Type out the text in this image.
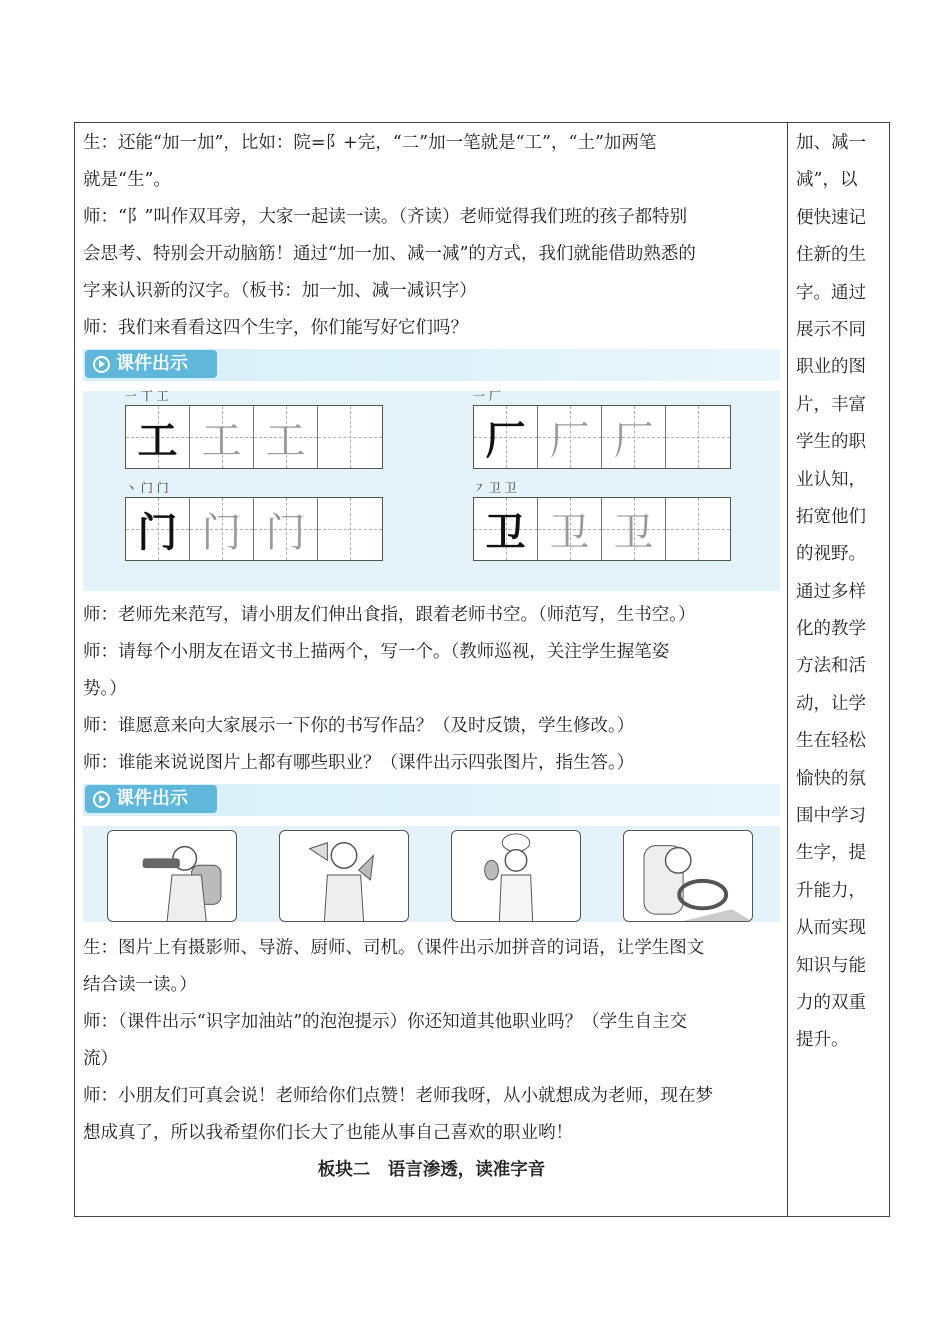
生：还能“加一加”，比如：院=阝+完，“二”加一笔就是“工”，“土”加两笔
就是“生”。
师：“阝”叫作双耳旁，大家一起读一读。（齐读）老师觉得我们班的孩子都特别
会思考、特别会开动脑筋！通过“加一加、减一减”的方式，我们就能借助熟悉的
字来认识新的汉字。（板书：加一加、减一减识字）
师：我们来看看这四个生字，你们能写好它们吗？
课件出示
一 丅 工
工 工 工
一 厂
厂 厂 厂
丶 门 门
门 门 门
㇇ 卫 卫
卫 卫 卫
师：老师先来范写，请小朋友们伸出食指，跟着老师书空。（师范写，生书空。）
师：请每个小朋友在语文书上描两个，写一个。（教师巡视，关注学生握笔姿
势。）
师：谁愿意来向大家展示一下你的书写作品？（及时反馈，学生修改。）
师：谁能来说说图片上都有哪些职业？（课件出示四张图片，指生答。）
课件出示
生：图片上有摄影师、导游、厨师、司机。（课件出示加拼音的词语，让学生图文
结合读一读。）
师：（课件出示“识字加油站”的泡泡提示）你还知道其他职业吗？（学生自主交
流）
师：小朋友们可真会说！老师给你们点赞！老师我呀，从小就想成为老师，现在梦
想成真了，所以我希望你们长大了也能从事自己喜欢的职业哟！
板块二　语言渗透，读准字音
加、减一
减”，以
便快速记
住新的生
字。通过
展示不同
职业的图
片，丰富
学生的职
业认知，
拓宽他们
的视野。
通过多样
化的教学
方法和活
动，让学
生在轻松
愉快的氛
围中学习
生字，提
升能力，
从而实现
知识与能
力的双重
提升。
